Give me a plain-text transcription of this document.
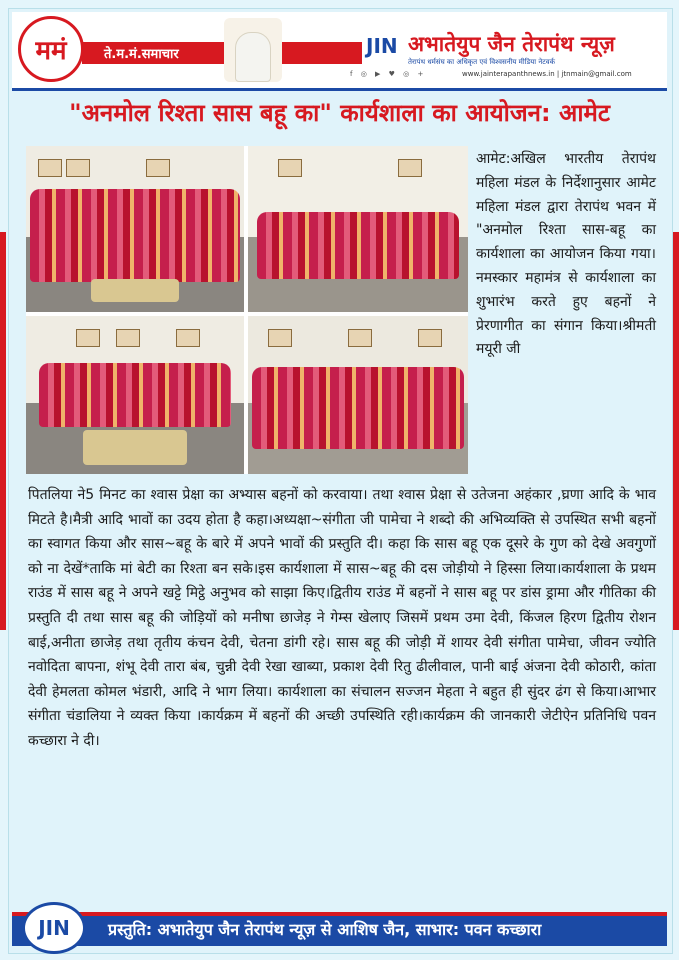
ममं	ते.म.मं.समाचार	JIN अभातेयुप जैन तेरापंथ न्यूज़
तेरापंथ धर्मसंघ का अधिकृत एवं विश्वसनीय मीडिया नेटवर्क
f ◎ ▶ ♥ ◎ +	www.jainterapanthnews.in | jtnmain@gmail.com
"अनमोल रिश्ता सास बहू का" कार्यशाला का आयोजन: आमेट
आमेट:अखिल भारतीय तेरापंथ महिला मंडल के निर्देशानुसार आमेट महिला मंडल द्वारा तेरापंथ भवन में "अनमोल रिश्ता सास-बहू का कार्यशाला का आयोजन किया गया।नमस्कार महामंत्र से कार्यशाला का शुभारंभ करते हुए बहनों ने प्रेरणागीत का संगान किया।श्रीमती मयूरी जी
पितलिया ने5 मिनट का श्वास प्रेक्षा का अभ्यास बहनों को करवाया। तथा श्वास प्रेक्षा से उतेजना अहंकार ,घ्रणा आदि के भाव मिटते है।मैत्री आदि भावों का उदय होता है कहा।अध्यक्षा~संगीता जी पामेचा ने शब्दो की अभिव्यक्ति से उपस्थित सभी बहनों का स्वागत किया और सास~बहू के बारे में अपने भावों की प्रस्तुति दी। कहा कि सास बहू एक दूसरे के गुण को देखे अवगुणों को ना देखें*ताकि मां बेटी का रिश्ता बन सके।इस कार्यशाला में सास~बहू की दस जोड़ीयो ने हिस्सा लिया।कार्यशाला के प्रथम राउंड में सास बहू ने अपने खट्टे मिट्ठे अनुभव को साझा किए।द्वितीय राउंड में बहनों ने सास बहू पर डांस ड्रामा और गीतिका की प्रस्तुति दी तथा सास बहू की जोड़ियों को मनीषा छाजेड़ ने गेम्स खेलाए जिसमें प्रथम उमा देवी, किंजल हिरण द्वितीय रोशन बाई,अनीता छाजेड़ तथा तृतीय कंचन देवी, चेतना डांगी रहे। सास बहू की जोड़ी में शायर देवी संगीता पामेचा, जीवन ज्योति नवोदिता बापना, शंभू देवी तारा बंब, चुन्नी देवी रेखा खाब्या, प्रकाश देवी रितु ढीलीवाल, पानी बाई अंजना देवी कोठारी, कांता देवी हेमलता कोमल भंडारी, आदि ने भाग लिया। कार्यशाला का संचालन सज्जन मेहता ने बहुत ही सुंदर ढंग से किया।आभार संगीता चंडालिया ने व्यक्त किया ।कार्यक्रम में बहनों की अच्छी उपस्थिति रही।कार्यक्रम की जानकारी जेटीऐन प्रतिनिधि पवन कच्छारा ने दी।
JIN	प्रस्तुति: अभातेयुप जैन तेरापंथ न्यूज़ से आशिष जैन, साभार: पवन कच्छारा
